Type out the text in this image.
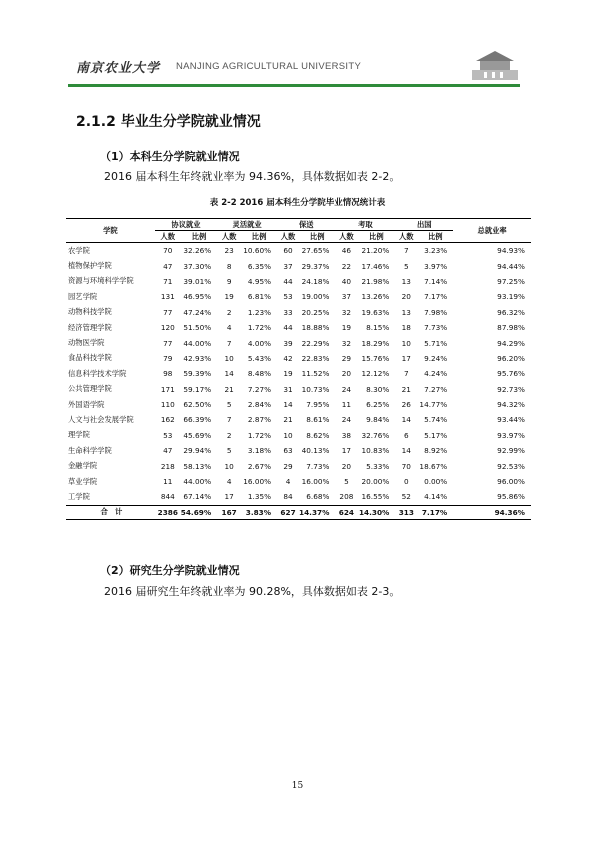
南京农业大学 NANJING AGRICULTURAL UNIVERSITY
2.1.2 毕业生分学院就业情况
（1）本科生分学院就业情况
2016 届本科生年终就业率为 94.36%，具体数据如表 2-2。
表 2-2 2016 届本科生分学院毕业情况统计表
学院	协议就业		灵活就业		保送		考取		出国		总就业率
	人数	比例	人数	比例	人数	比例	人数	比例	人数	比例	
农学院	70	32.26%	23	10.60%	60	27.65%	46	21.20%	7	3.23%	94.93%
植物保护学院	47	37.30%	8	6.35%	37	29.37%	22	17.46%	5	3.97%	94.44%
资源与环境科学学院	71	39.01%	9	4.95%	44	24.18%	40	21.98%	13	7.14%	97.25%
园艺学院	131	46.95%	19	6.81%	53	19.00%	37	13.26%	20	7.17%	93.19%
动物科技学院	77	47.24%	2	1.23%	33	20.25%	32	19.63%	13	7.98%	96.32%
经济管理学院	120	51.50%	4	1.72%	44	18.88%	19	8.15%	18	7.73%	87.98%
动物医学院	77	44.00%	7	4.00%	39	22.29%	32	18.29%	10	5.71%	94.29%
食品科技学院	79	42.93%	10	5.43%	42	22.83%	29	15.76%	17	9.24%	96.20%
信息科学技术学院	98	59.39%	14	8.48%	19	11.52%	20	12.12%	7	4.24%	95.76%
公共管理学院	171	59.17%	21	7.27%	31	10.73%	24	8.30%	21	7.27%	92.73%
外国语学院	110	62.50%	5	2.84%	14	7.95%	11	6.25%	26	14.77%	94.32%
人文与社会发展学院	162	66.39%	7	2.87%	21	8.61%	24	9.84%	14	5.74%	93.44%
理学院	53	45.69%	2	1.72%	10	8.62%	38	32.76%	6	5.17%	93.97%
生命科学学院	47	29.94%	5	3.18%	63	40.13%	17	10.83%	14	8.92%	92.99%
金融学院	218	58.13%	10	2.67%	29	7.73%	20	5.33%	70	18.67%	92.53%
草业学院	11	44.00%	4	16.00%	4	16.00%	5	20.00%	0	0.00%	96.00%
工学院	844	67.14%	17	1.35%	84	6.68%	208	16.55%	52	4.14%	95.86%
合　计	2386	54.69%	167	3.83%	627	14.37%	624	14.30%	313	7.17%	94.36%
（2）研究生分学院就业情况
2016 届研究生年终就业率为 90.28%，具体数据如表 2-3。
15
